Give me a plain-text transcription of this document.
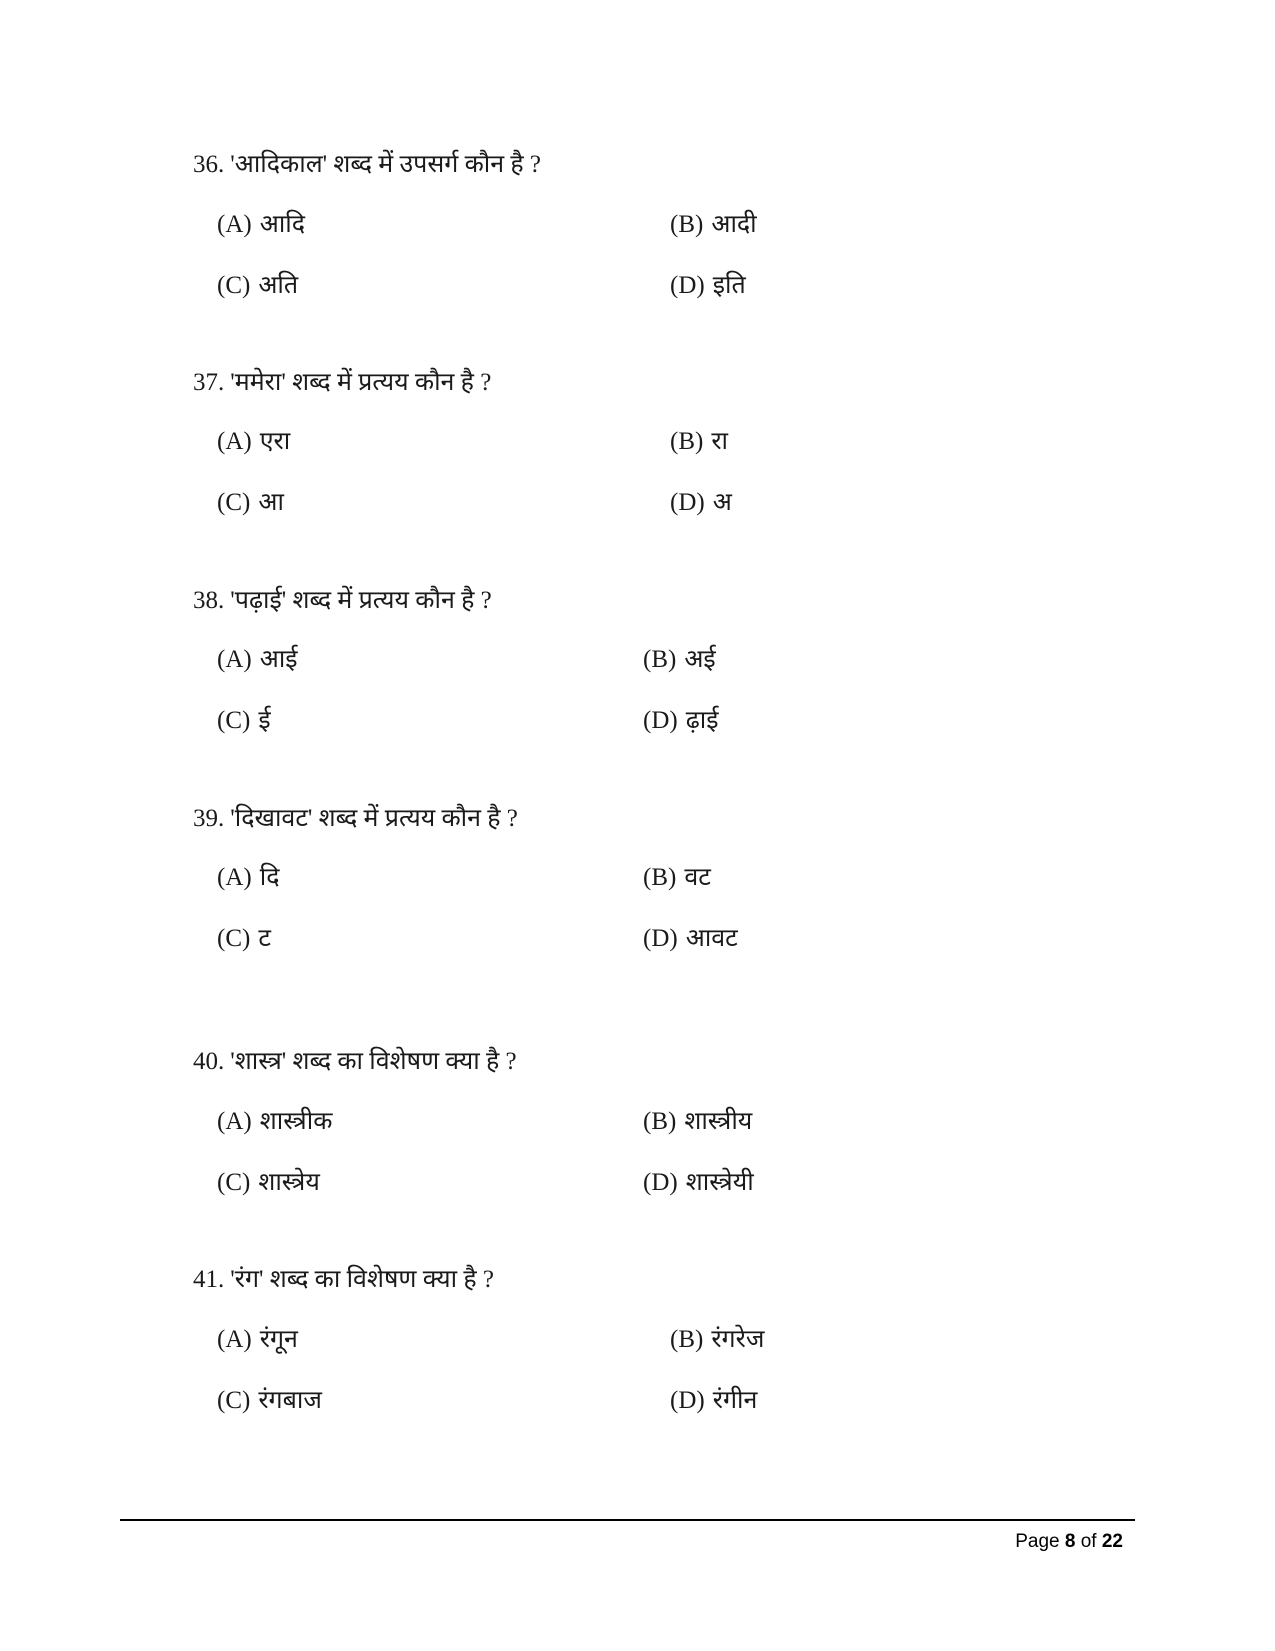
36. 'आदिकाल' शब्द में उपसर्ग कौन है ?
(A) आदि	(B) आदी
(C) अति	(D) इति
37. 'ममेरा' शब्द में प्रत्यय कौन है ?
(A) एरा	(B) रा
(C) आ	(D) अ
38. 'पढ़ाई' शब्द में प्रत्यय कौन है ?
(A) आई	(B) अई
(C) ई	(D) ढ़ाई
39. 'दिखावट' शब्द में प्रत्यय कौन है ?
(A) दि	(B) वट
(C) ट	(D) आवट
40. 'शास्त्र' शब्द का विशेषण क्या है ?
(A) शास्त्रीक	(B) शास्त्रीय
(C) शास्त्रेय	(D) शास्त्रेयी
41. 'रंग' शब्द का विशेषण क्या है ?
(A) रंगून	(B) रंगरेज
(C) रंगबाज	(D) रंगीन
Page 8 of 22
